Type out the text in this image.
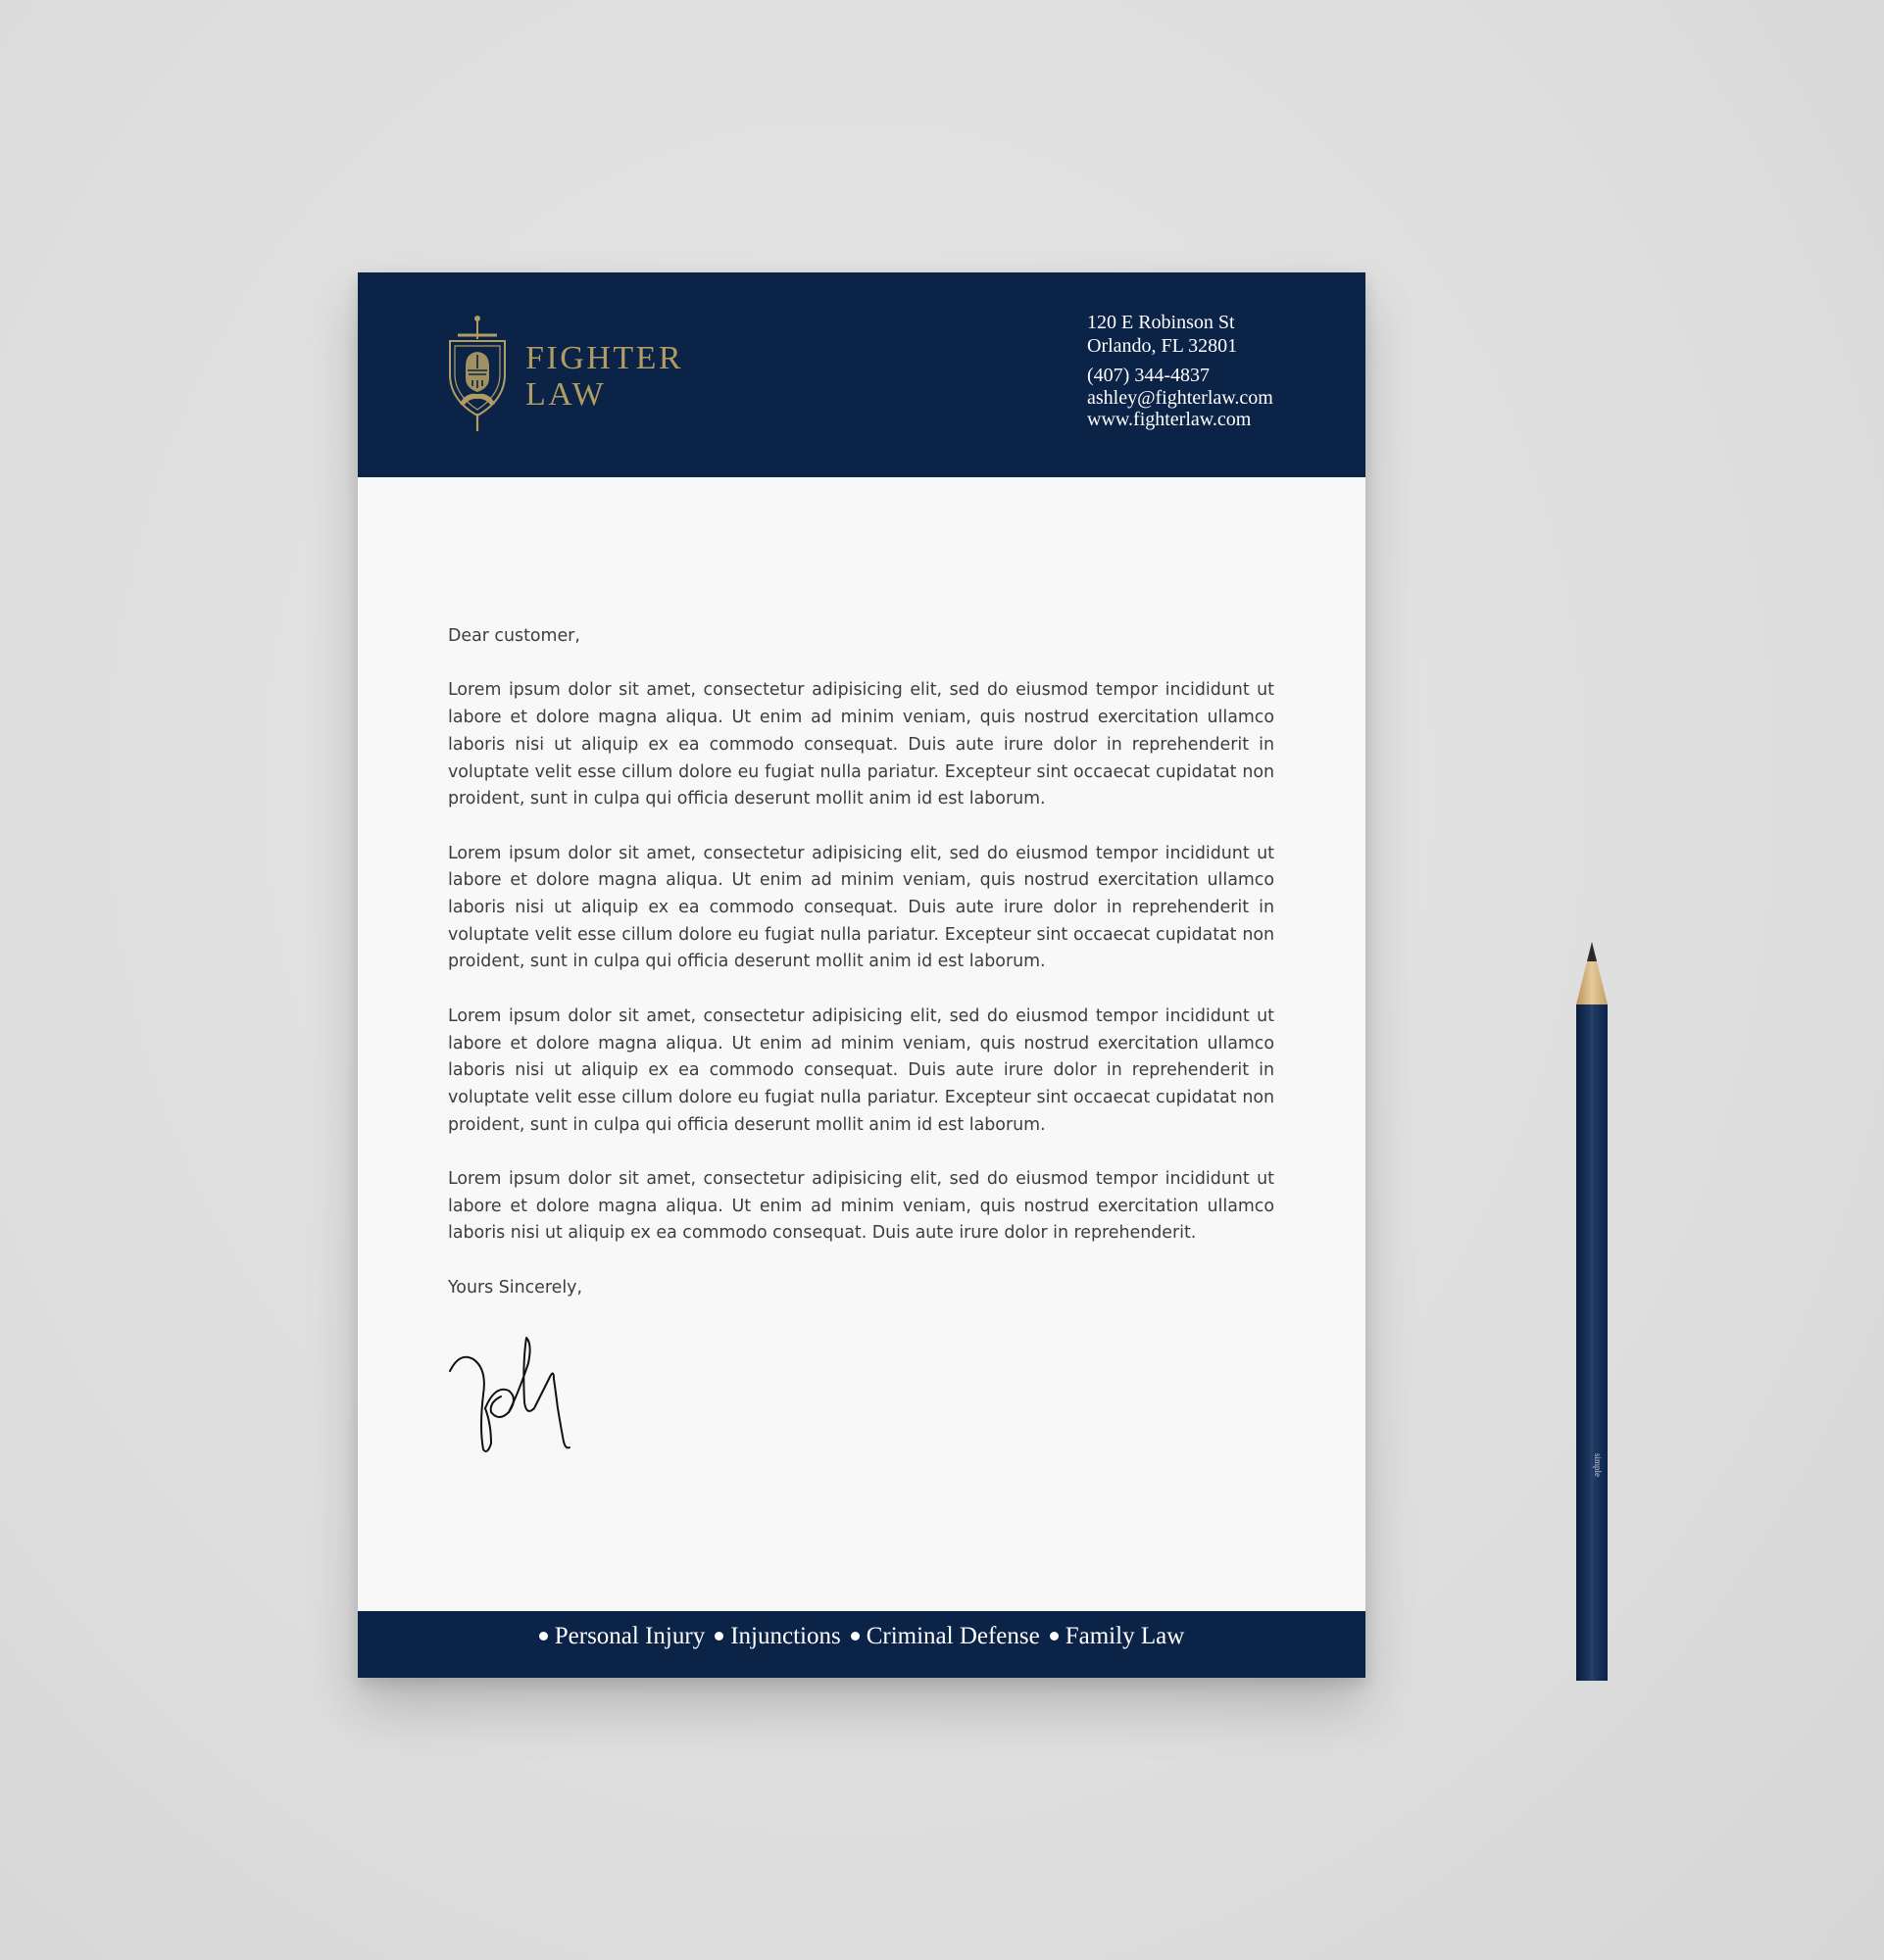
FIGHTER
LAW
120 E Robinson St
Orlando, FL 32801
(407) 344-4837
ashley@fighterlaw.com
www.fighterlaw.com

Dear customer,

Lorem ipsum dolor sit amet, consectetur adipisicing elit, sed do eiusmod tempor incididunt ut labore et dolore magna aliqua. Ut enim ad minim veniam, quis nostrud exercitation ullamco laboris nisi ut aliquip ex ea commodo consequat. Duis aute irure dolor in reprehenderit in voluptate velit esse cillum dolore eu fugiat nulla pariatur. Excepteur sint occaecat cupidatat non proident, sunt in culpa qui officia deserunt mollit anim id est laborum.

Lorem ipsum dolor sit amet, consectetur adipisicing elit, sed do eiusmod tempor incididunt ut labore et dolore magna aliqua. Ut enim ad minim veniam, quis nostrud exercitation ullamco laboris nisi ut aliquip ex ea commodo consequat. Duis aute irure dolor in reprehenderit in voluptate velit esse cillum dolore eu fugiat nulla pariatur. Excepteur sint occaecat cupidatat non proident, sunt in culpa qui officia deserunt mollit anim id est laborum.

Lorem ipsum dolor sit amet, consectetur adipisicing elit, sed do eiusmod tempor incididunt ut labore et dolore magna aliqua. Ut enim ad minim veniam, quis nostrud exercitation ullamco laboris nisi ut aliquip ex ea commodo consequat. Duis aute irure dolor in reprehenderit in voluptate velit esse cillum dolore eu fugiat nulla pariatur. Excepteur sint occaecat cupidatat non proident, sunt in culpa qui officia deserunt mollit anim id est laborum.

Lorem ipsum dolor sit amet, consectetur adipisicing elit, sed do eiusmod tempor incididunt ut labore et dolore magna aliqua. Ut enim ad minim veniam, quis nostrud exercitation ullamco laboris nisi ut aliquip ex ea commodo consequat. Duis aute irure dolor in reprehenderit.

Yours Sincerely,

Personal Injury Injunctions Criminal Defense Family Law
simple
